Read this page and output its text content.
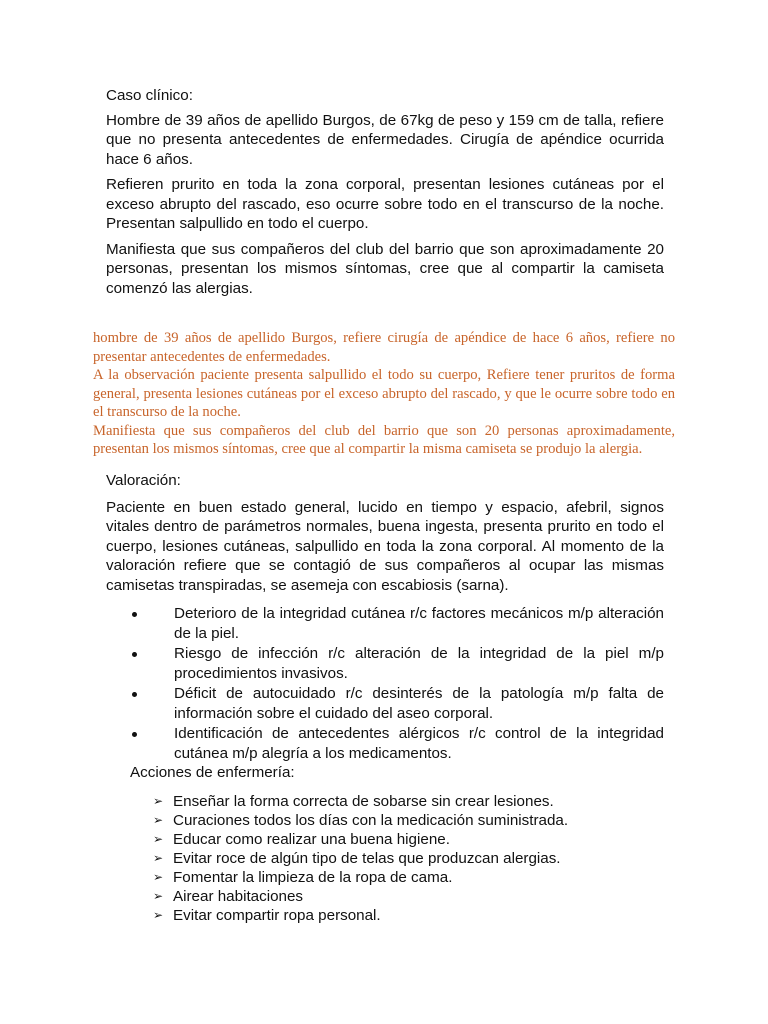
Caso clínico:

Hombre de 39 años de apellido Burgos, de 67kg de peso y 159 cm de talla, refiere que no presenta antecedentes de enfermedades. Cirugía de apéndice ocurrida hace 6 años.

Refieren prurito en toda la zona corporal, presentan lesiones cutáneas por el exceso abrupto del rascado, eso ocurre sobre todo en el transcurso de la noche. Presentan salpullido en todo el cuerpo.

Manifiesta que sus compañeros del club del barrio que son aproximadamente 20 personas, presentan los mismos síntomas, cree que al compartir la camiseta comenzó las alergias.

hombre de 39 años de apellido Burgos, refiere cirugía de apéndice de hace 6 años, refiere no presentar antecedentes de enfermedades.

A la observación paciente presenta salpullido el todo su cuerpo, Refiere tener pruritos de forma general, presenta lesiones cutáneas por el exceso abrupto del rascado, y que le ocurre sobre todo en el transcurso de la noche.

Manifiesta que sus compañeros del club del barrio que son 20 personas aproximadamente, presentan los mismos síntomas, cree que al compartir la misma camiseta se produjo la alergia.

Valoración:

Paciente en buen estado general, lucido en tiempo y espacio, afebril, signos vitales dentro de parámetros normales, buena ingesta, presenta prurito en todo el cuerpo, lesiones cutáneas, salpullido en toda la zona corporal. Al momento de la valoración refiere que se contagió de sus compañeros al ocupar las mismas camisetas transpiradas, se asemeja con escabiosis (sarna).

Deterioro de la integridad cutánea r/c factores mecánicos m/p alteración de la piel.
Riesgo de infección r/c alteración de la integridad de la piel m/p procedimientos invasivos.
Déficit de autocuidado r/c desinterés de la patología m/p falta de información sobre el cuidado del aseo corporal.
Identificación de antecedentes alérgicos r/c control de la integridad cutánea m/p alegría a los medicamentos.

Acciones de enfermería:

➢ Enseñar la forma correcta de sobarse sin crear lesiones.
➢ Curaciones todos los días con la medicación suministrada.
➢ Educar como realizar una buena higiene.
➢ Evitar roce de algún tipo de telas que produzcan alergias.
➢ Fomentar la limpieza de la ropa de cama.
➢ Airear habitaciones
➢ Evitar compartir ropa personal.
